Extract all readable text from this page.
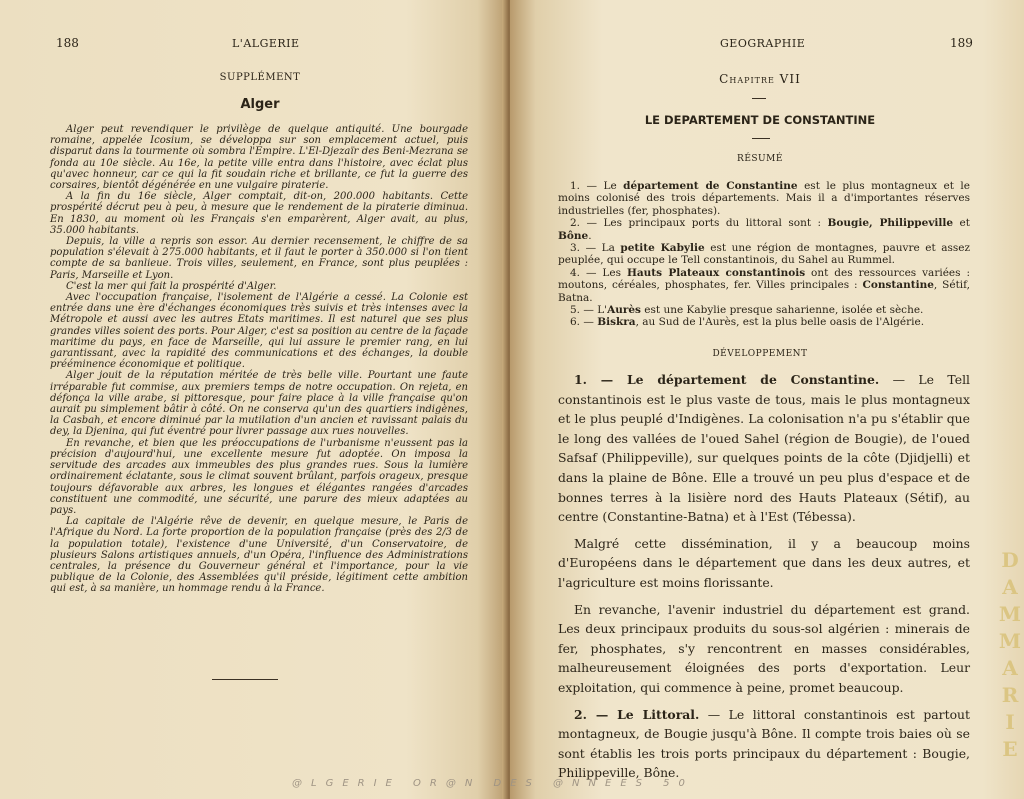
188	L'ALGERIE
SUPPLÉMENT
Alger

Alger peut revendiquer le privilège de quelque antiquité. Une bourgade romaine, appelée Icosium, se développa sur son emplacement actuel, puis disparut dans la tourmente où sombra l'Empire. L'El-Djezaïr des Beni-Mezrana se fonda au 10e siècle. Au 16e, la petite ville entra dans l'histoire, avec éclat plus qu'avec honneur, car ce qui la fit soudain riche et brillante, ce fut la guerre des corsaires, bientôt dégénérée en une vulgaire piraterie.

A la fin du 16e siècle, Alger comptait, dit-on, 200.000 habitants. Cette prospérité décrut peu à peu, à mesure que le rendement de la piraterie diminua. En 1830, au moment où les Français s'en emparèrent, Alger avait, au plus, 35.000 habitants.

Depuis, la ville a repris son essor. Au dernier recensement, le chiffre de sa population s'élevait à 275.000 habitants, et il faut le porter à 350.000 si l'on tient compte de sa banlieue. Trois villes, seulement, en France, sont plus peuplées : Paris, Marseille et Lyon.

C'est la mer qui fait la prospérité d'Alger.

Avec l'occupation française, l'isolement de l'Algérie a cessé. La Colonie est entrée dans une ère d'échanges économiques très suivis et très intenses avec la Métropole et aussi avec les autres Etats maritimes. Il est naturel que ses plus grandes villes soient des ports. Pour Alger, c'est sa position au centre de la façade maritime du pays, en face de Marseille, qui lui assure le premier rang, en lui garantissant, avec la rapidité des communications et des échanges, la double prééminence économique et politique.

Alger jouit de la réputation méritée de très belle ville. Pourtant une faute irréparable fut commise, aux premiers temps de notre occupation. On rejeta, en défonça la ville arabe, si pittoresque, pour faire place à la ville française qu'on aurait pu simplement bâtir à côté. On ne conserva qu'un des quartiers indigènes, la Casbah, et encore diminué par la mutilation d'un ancien et ravissant palais du dey, la Djenina, qui fut éventré pour livrer passage aux rues nouvelles.

En revanche, et bien que les préoccupations de l'urbanisme n'eussent pas la précision d'aujourd'hui, une excellente mesure fut adoptée. On imposa la servitude des arcades aux immeubles des plus grandes rues. Sous la lumière ordinairement éclatante, sous le climat souvent brûlant, parfois orageux, presque toujours défavorable aux arbres, les longues et élégantes rangées d'arcades constituent une commodité, une sécurité, une parure des mieux adaptées au pays.

La capitale de l'Algérie rêve de devenir, en quelque mesure, le Paris de l'Afrique du Nord. La forte proportion de la population française (près des 2/3 de la population totale), l'existence d'une Université, d'un Conservatoire, de plusieurs Salons artistiques annuels, d'un Opéra, l'influence des Administrations centrales, la présence du Gouverneur général et l'importance, pour la vie publique de la Colonie, des Assemblées qu'il préside, légitiment cette ambition qui est, à sa manière, un hommage rendu à la France.

189
GEOGRAPHIE
Chapitre VII
LE DEPARTEMENT DE CONSTANTINE
RÉSUMÉ

1. — Le département de Constantine est le plus montagneux et le moins colonisé des trois départements. Mais il a d'importantes réserves industrielles (fer, phosphates).

2. — Les principaux ports du littoral sont : Bougie, Philippeville et Bône.

3. — La petite Kabylie est une région de montagnes, pauvre et assez peuplée, qui occupe le Tell constantinois, du Sahel au Rummel.

4. — Les Hauts Plateaux constantinois ont des ressources variées : moutons, céréales, phosphates, fer. Villes principales : Constantine, Sétif, Batna.

5. — L'Aurès est une Kabylie presque saharienne, isolée et sèche.

6. — Biskra, au Sud de l'Aurès, est la plus belle oasis de l'Algérie.

DÉVELOPPEMENT

1. — Le département de Constantine. — Le Tell constantinois est le plus vaste de tous, mais le plus montagneux et le plus peuplé d'Indigènes. La colonisation n'a pu s'établir que le long des vallées de l'oued Sahel (région de Bougie), de l'oued Safsaf (Philippeville), sur quelques points de la côte (Djidjelli) et dans la plaine de Bône. Elle a trouvé un peu plus d'espace et de bonnes terres à la lisière nord des Hauts Plateaux (Sétif), au centre (Constantine-Batna) et à l'Est (Tébessa).

Malgré cette dissémination, il y a beaucoup moins d'Européens dans le département que dans les deux autres, et l'agriculture est moins florissante.

En revanche, l'avenir industriel du département est grand. Les deux principaux produits du sous-sol algérien : minerais de fer, phosphates, s'y rencontrent en masses considérables, malheureusement éloignées des ports d'exportation. Leur exploitation, qui commence à peine, promet beaucoup.

2. — Le Littoral. — Le littoral constantinois est partout montagneux, de Bougie jusqu'à Bône. Il compte trois baies où se sont établis les trois ports principaux du département : Bougie, Philippeville, Bône.

DAMMARIE
@LGERIE OR@N DES @NNEES 50
